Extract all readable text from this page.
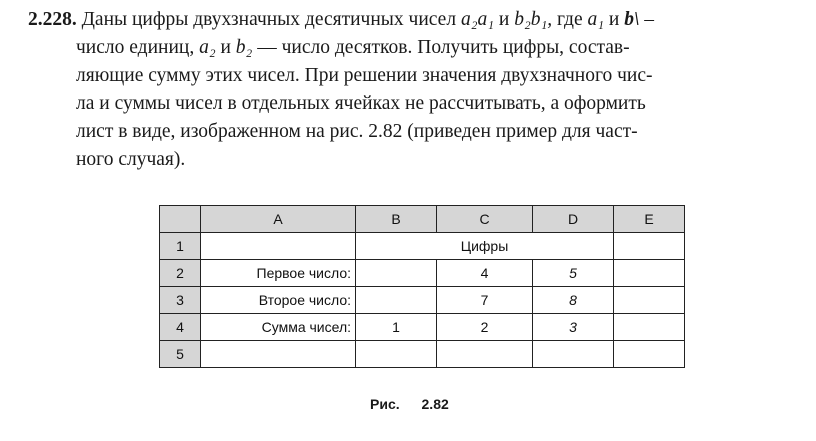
2.228. Даны цифры двухзначных десятичных чисел a₂a₁ и b₂b₁, где a₁ и b\ –
число единиц, a₂ и b₂ — число десятков. Получить цифры, состав-
ляющие сумму этих чисел. При решении значения двухзначного чис-
ла и суммы чисел в отдельных ячейках не рассчитывать, а оформить
лист в виде, изображенном на рис. 2.82 (приведен пример для част-
ного случая).
	A	B	C	D	E
1		Цифры			
2	Первое число:		4	5	
3	Второе число:		7	8	
4	Сумма чисел:	1	2	3	
5					
Рис. 2.82
